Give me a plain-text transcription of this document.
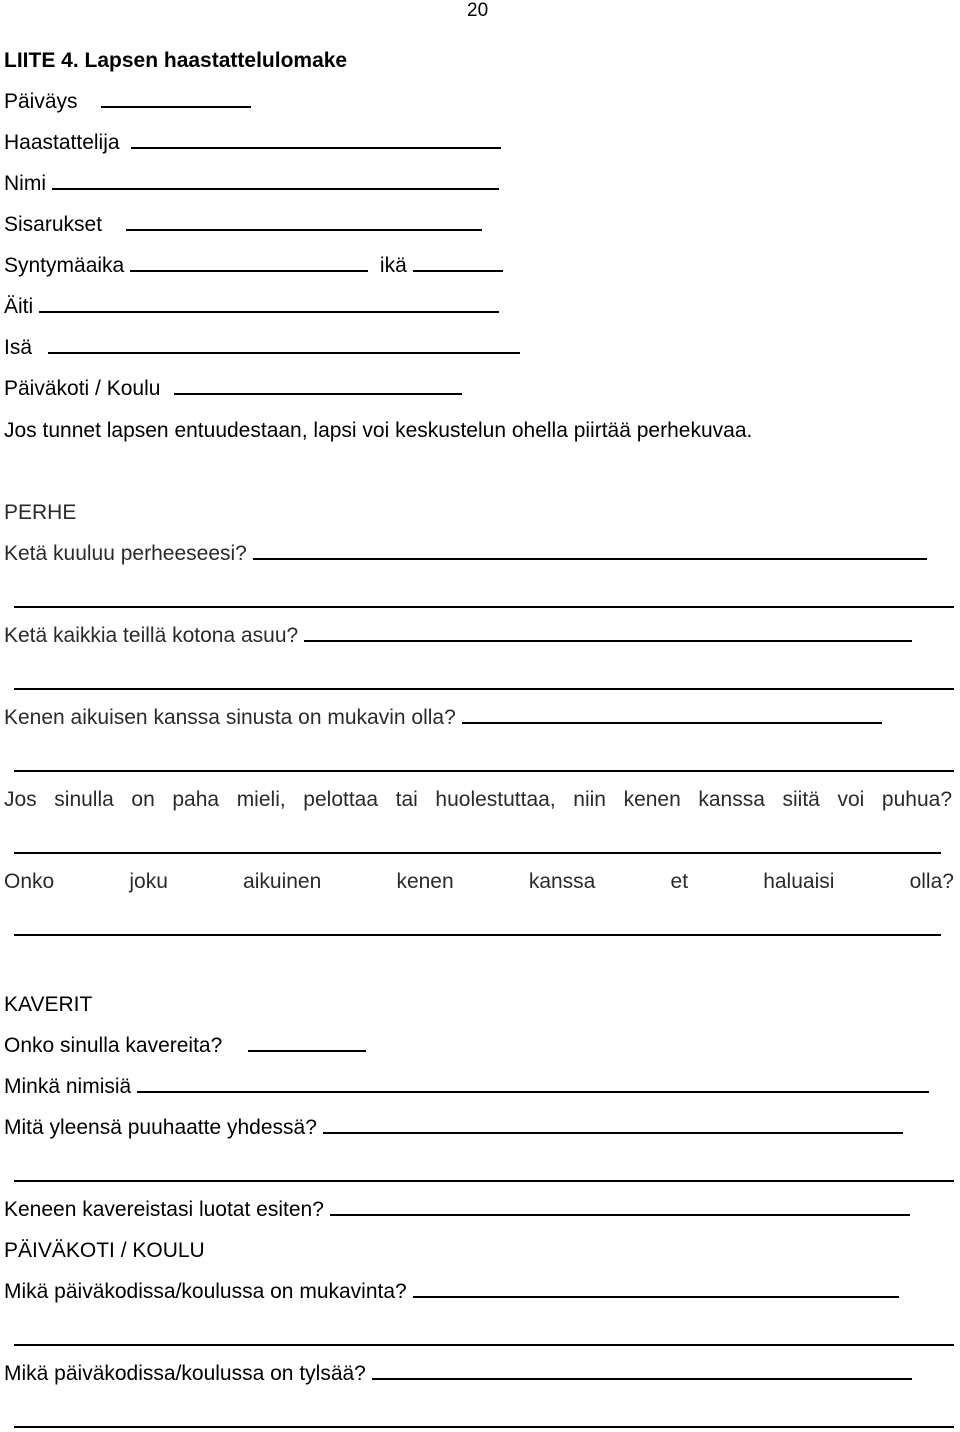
20
LIITE 4. Lapsen haastattelulomake
Päiväys
Haastattelija
Nimi
Sisarukset
Syntymäaika	ikä
Äiti
Isä
Päiväkoti / Koulu
Jos tunnet lapsen entuudestaan, lapsi voi keskustelun ohella piirtää perhekuvaa.
PERHE
Ketä kuuluu perheeseesi?
Ketä kaikkia teillä kotona asuu?
Kenen aikuisen kanssa sinusta on mukavin olla?
Jos sinulla on paha mieli, pelottaa tai huolestuttaa, niin kenen kanssa siitä voi puhua?
Onko	joku	aikuinen	kenen	kanssa	et	haluaisi	olla?
KAVERIT
Onko sinulla kavereita?
Minkä nimisiä
Mitä yleensä puuhaatte yhdessä?
Keneen kavereistasi luotat esiten?
PÄIVÄKOTI / KOULU
Mikä päiväkodissa/koulussa on mukavinta?
Mikä päiväkodissa/koulussa on tylsää?
